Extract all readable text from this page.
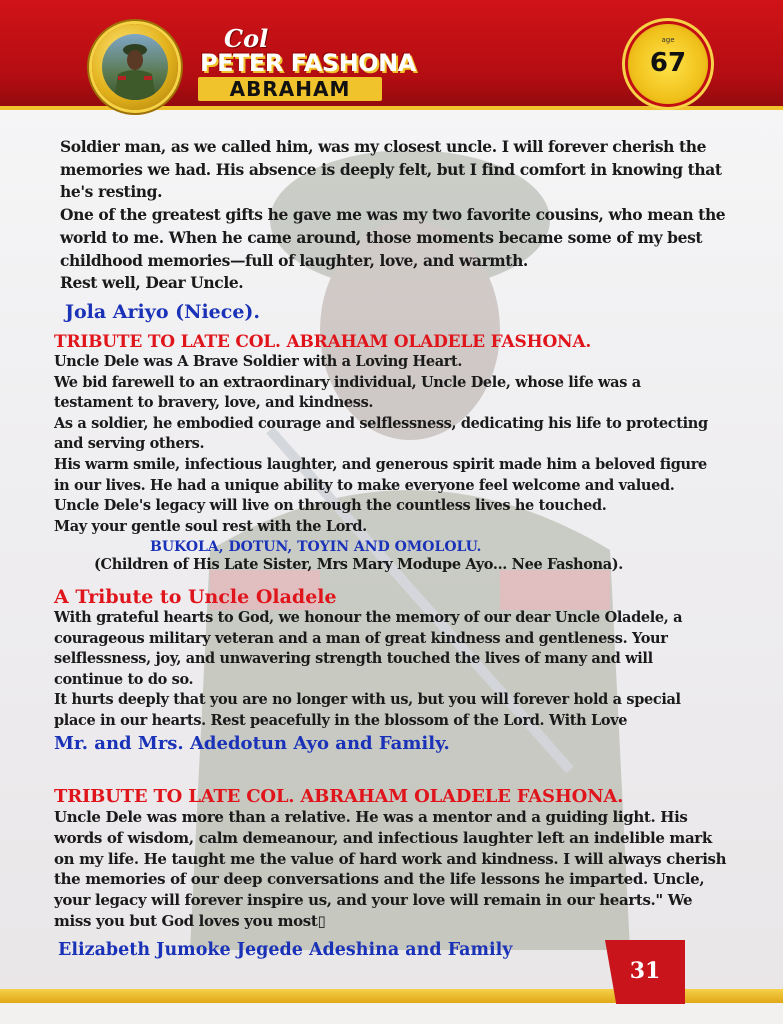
Col
PETER FASHONA
ABRAHAM
age
67

Soldier man, as we called him, was my closest uncle. I will forever cherish the
memories we had. His absence is deeply felt, but I find comfort in knowing that
he's resting.
One of the greatest gifts he gave me was my two favorite cousins, who mean the
world to me. When he came around, those moments became some of my best
childhood memories—full of laughter, love, and warmth.
Rest well, Dear Uncle.

Jola Ariyo (Niece).
TRIBUTE TO LATE COL. ABRAHAM OLADELE FASHONA.

Uncle Dele was A Brave Soldier with a Loving Heart.
We bid farewell to an extraordinary individual, Uncle Dele, whose life was a
testament to bravery, love, and kindness.
As a soldier, he embodied courage and selflessness, dedicating his life to protecting
and serving others.
His warm smile, infectious laughter, and generous spirit made him a beloved figure
in our lives. He had a unique ability to make everyone feel welcome and valued.
Uncle Dele's legacy will live on through the countless lives he touched.
May your gentle soul rest with the Lord.

BUKOLA, DOTUN, TOYIN AND OMOLOLU.
(Children of His Late Sister, Mrs Mary Modupe Ayo... Nee Fashona).
A Tribute to Uncle Oladele

With grateful hearts to God, we honour the memory of our dear Uncle Oladele, a
courageous military veteran and a man of great kindness and gentleness. Your
selflessness, joy, and unwavering strength touched the lives of many and will
continue to do so.
It hurts deeply that you are no longer with us, but you will forever hold a special
place in our hearts. Rest peacefully in the blossom of the Lord. With Love

Mr. and Mrs. Adedotun Ayo and Family.
TRIBUTE TO LATE COL. ABRAHAM OLADELE FASHONA.

Uncle Dele was more than a relative. He was a mentor and a guiding light. His
words of wisdom, calm demeanour, and infectious laughter left an indelible mark
on my life. He taught me the value of hard work and kindness. I will always cherish
the memories of our deep conversations and the life lessons he imparted. Uncle,
your legacy will forever inspire us, and your love will remain in our hearts." We
miss you but God loves you most▯

Elizabeth Jumoke Jegede Adeshina and Family
31
